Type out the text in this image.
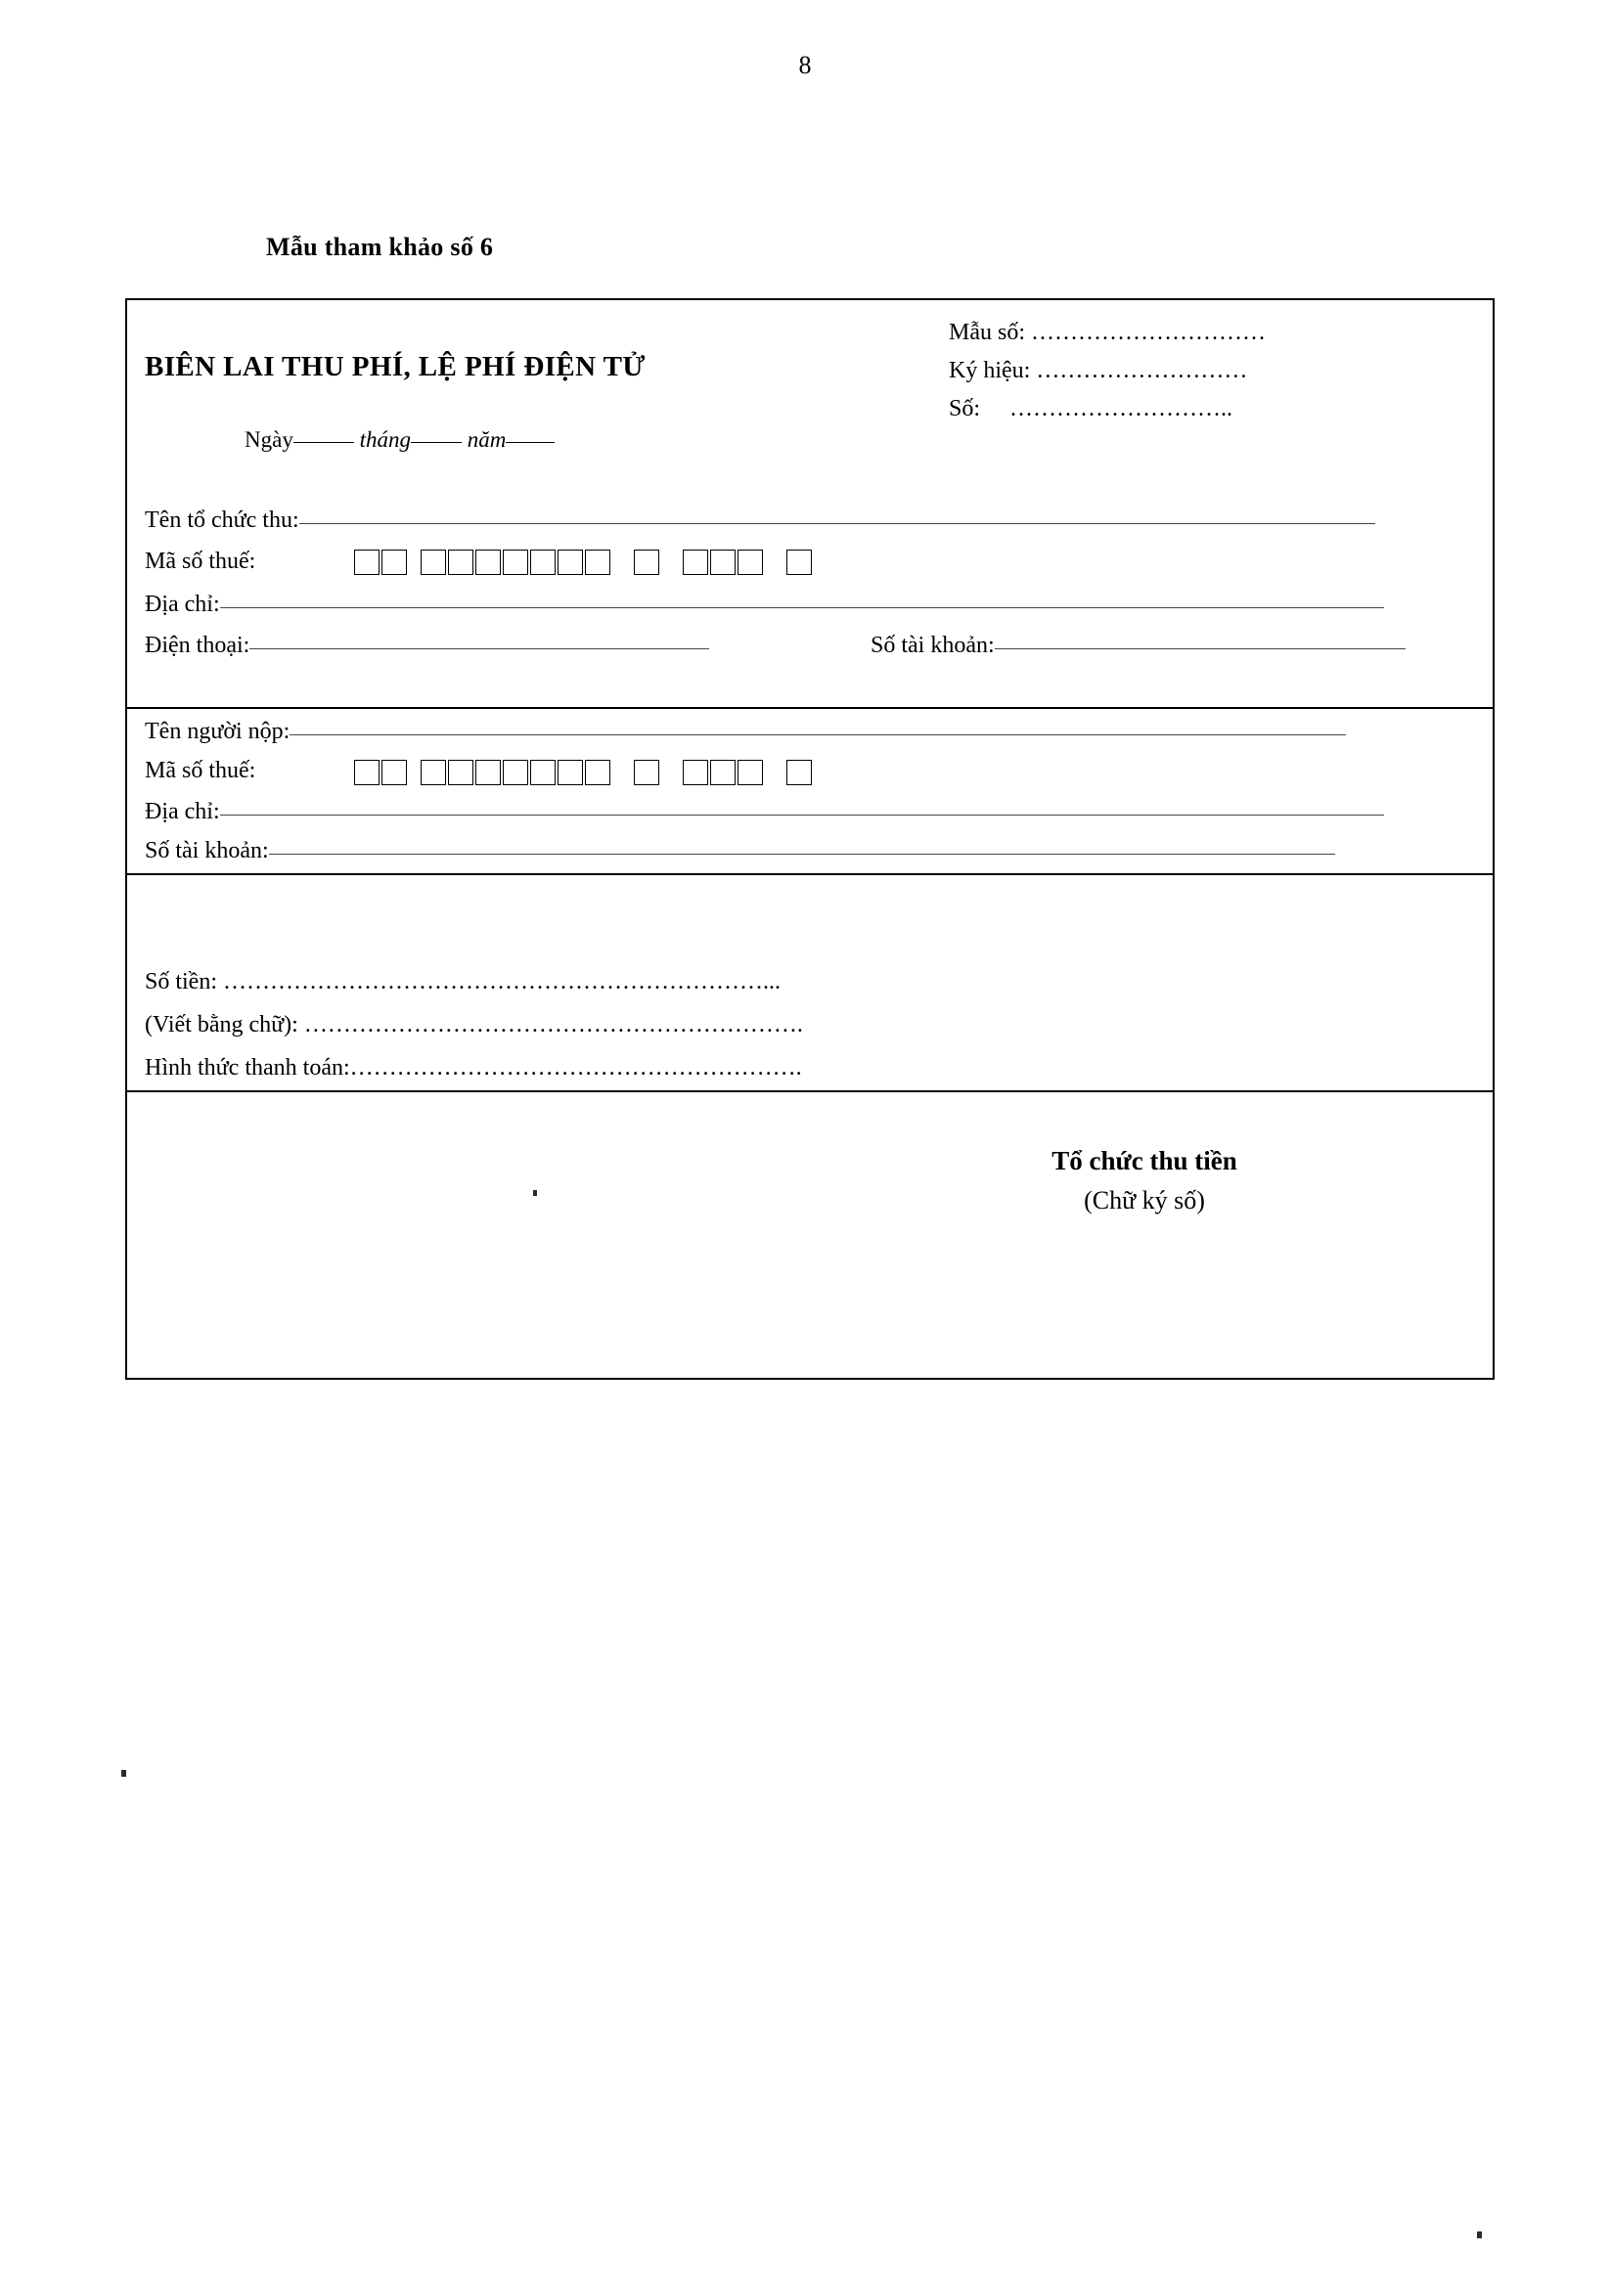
8
Mẫu tham khảo số 6
BIÊN LAI THU PHÍ, LỆ PHÍ ĐIỆN TỬ
Mẫu số: …………………………
Ký hiệu: ………………………
Số: ………………………..
Ngày	tháng	năm
Tên tổ chức thu:
Mã số thuế:
Địa chỉ:
Điện thoại:	Số tài khoản:
Tên người nộp:
Mã số thuế:
Địa chỉ:
Số tài khoản:
Số tiền: ……………………………………………………………...
(Viết bằng chữ): ……………………………………………………….
Hình thức thanh toán:………………………………………………….
Tổ chức thu tiền
(Chữ ký số)
